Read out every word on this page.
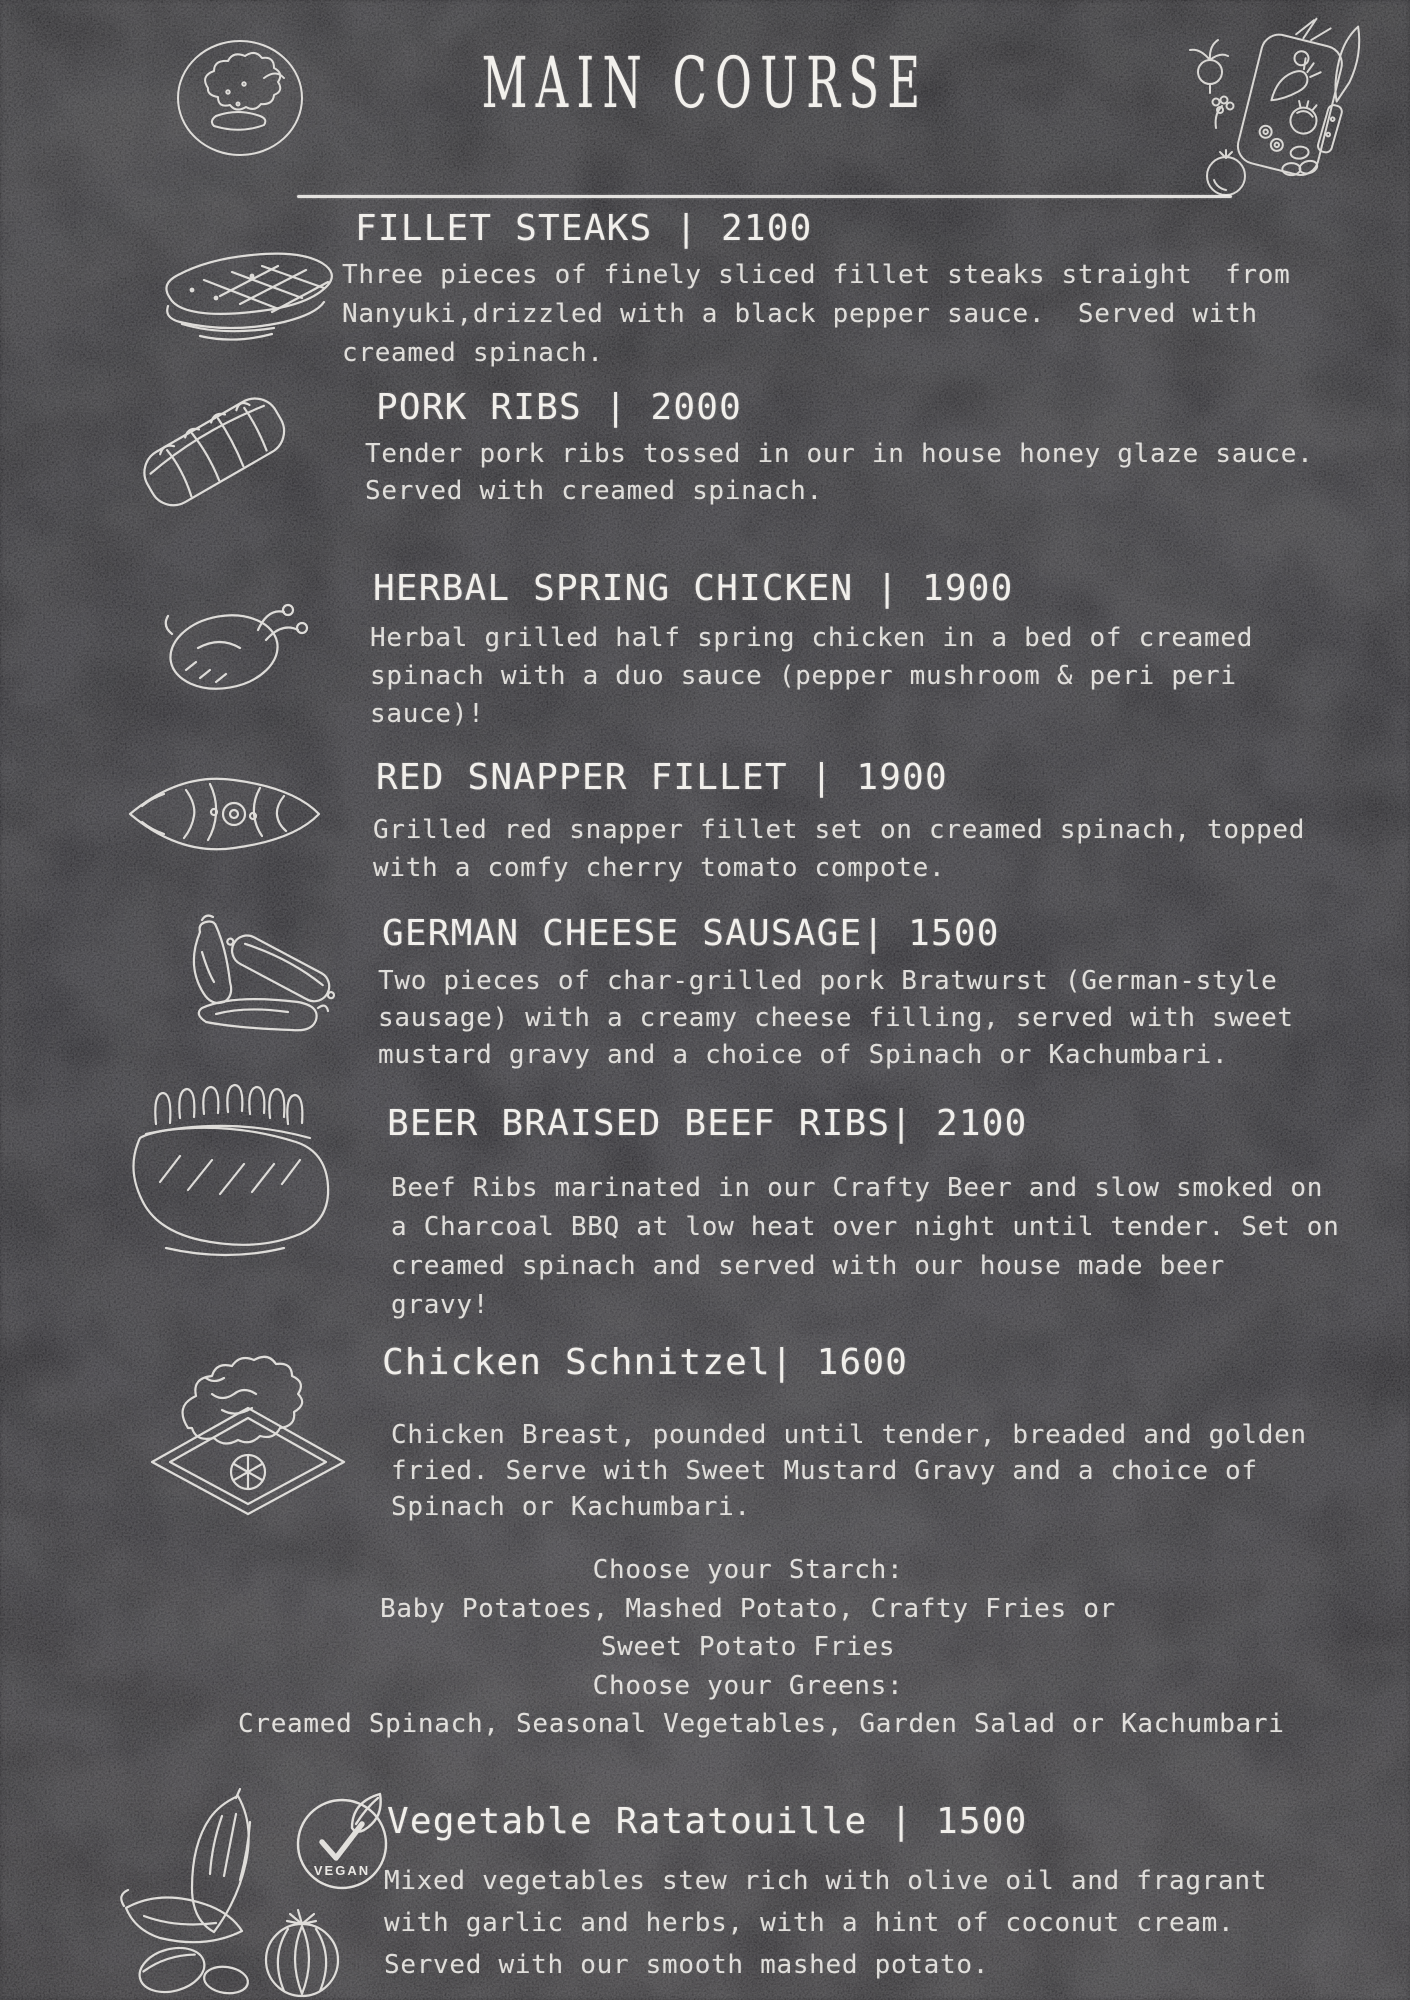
MAIN COURSE
FILLET STEAKS | 2100
Three pieces of finely sliced fillet steaks straight  from
Nanyuki,drizzled with a black pepper sauce.  Served with
creamed spinach.
PORK RIBS | 2000
Tender pork ribs tossed in our in house honey glaze sauce.
Served with creamed spinach.
HERBAL SPRING CHICKEN | 1900
Herbal grilled half spring chicken in a bed of creamed
spinach with a duo sauce (pepper mushroom & peri peri
sauce)!
RED SNAPPER FILLET | 1900
Grilled red snapper fillet set on creamed spinach, topped
with a comfy cherry tomato compote.
GERMAN CHEESE SAUSAGE| 1500
Two pieces of char-grilled pork Bratwurst (German-style
sausage) with a creamy cheese filling, served with sweet
mustard gravy and a choice of Spinach or Kachumbari.
BEER BRAISED BEEF RIBS| 2100
Beef Ribs marinated in our Crafty Beer and slow smoked on
a Charcoal BBQ at low heat over night until tender. Set on
creamed spinach and served with our house made beer
gravy!
Chicken Schnitzel| 1600
Chicken Breast, pounded until tender, breaded and golden
fried. Serve with Sweet Mustard Gravy and a choice of
Spinach or Kachumbari.
Choose your Starch:
Baby Potatoes, Mashed Potato, Crafty Fries or
Sweet Potato Fries
Choose your Greens:
Creamed Spinach, Seasonal Vegetables, Garden Salad or Kachumbari
VEGAN
Vegetable Ratatouille | 1500
Mixed vegetables stew rich with olive oil and fragrant
with garlic and herbs, with a hint of coconut cream.
Served with our smooth mashed potato.
